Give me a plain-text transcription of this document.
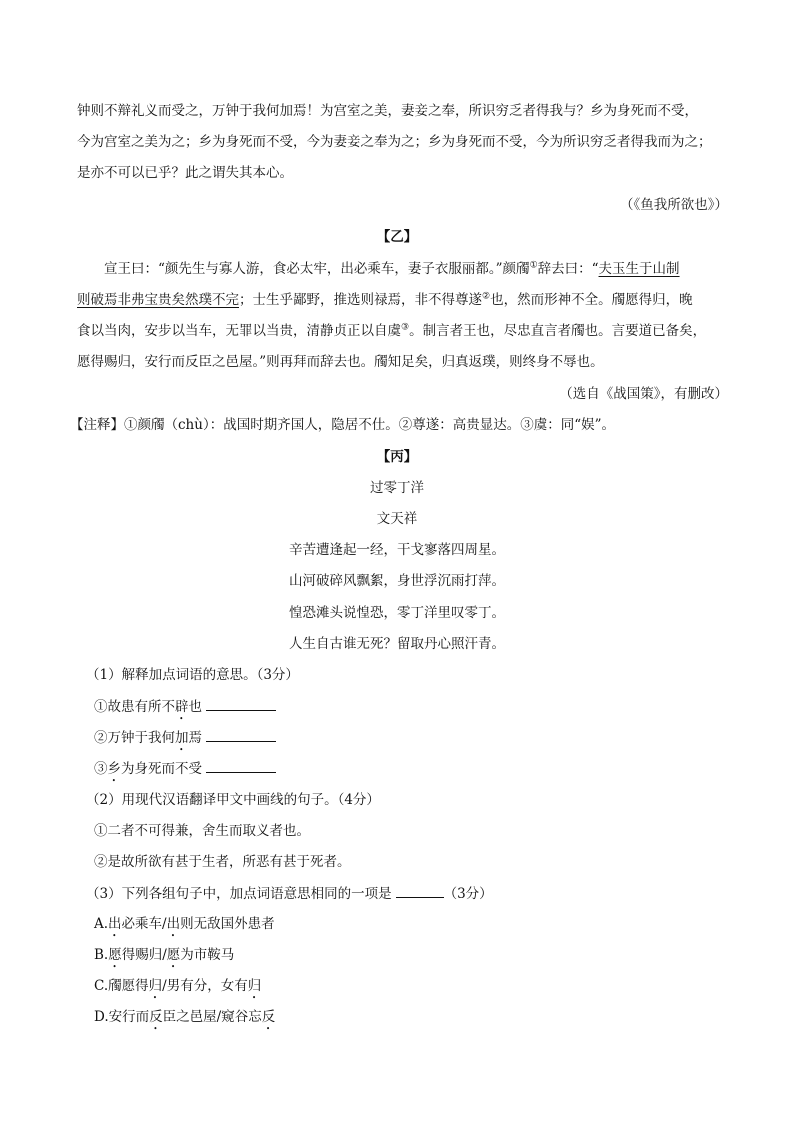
钟则不辩礼义而受之，万钟于我何加焉！为宫室之美，妻妾之奉，所识穷乏者得我与？乡为身死而不受，
今为宫室之美为之；乡为身死而不受，今为妻妾之奉为之；乡为身死而不受，今为所识穷乏者得我而为之；
是亦不可以已乎？此之谓失其本心。
（《鱼我所欲也》）
【乙】
宣王曰：“颜先生与寡人游，食必太牢，出必乘车，妻子衣服丽都。”颜斶①辞去曰：“夫玉生于山制
则破焉非弗宝贵矣然璞不完；士生乎鄙野，推选则禄焉，非不得尊遂②也，然而形神不全。斶愿得归，晚
食以当肉，安步以当车，无罪以当贵，清静贞正以自虞③。制言者王也，尽忠直言者斶也。言要道已备矣，
愿得赐归，安行而反臣之邑屋。”则再拜而辞去也。斶知足矣，归真返璞，则终身不辱也。
（选自《战国策》，有删改）
【注释】①颜斶（chù）：战国时期齐国人，隐居不仕。②尊遂：高贵显达。③虞：同“娱”。
【丙】
过零丁洋
文天祥
辛苦遭逢起一经，干戈寥落四周星。
山河破碎风飘絮，身世浮沉雨打萍。
惶恐滩头说惶恐，零丁洋里叹零丁。
人生自古谁无死？留取丹心照汗青。
（1）解释加点词语的意思。（3分）
①故患有所不辟也
②万钟于我何加焉
③乡为身死而不受
（2）用现代汉语翻译甲文中画线的句子。（4分）
①二者不可得兼，舍生而取义者也。
②是故所欲有甚于生者，所恶有甚于死者。
（3）下列各组句子中，加点词语意思相同的一项是	（3分）
A.出必乘车/出则无敌国外患者
B.愿得赐归/愿为市鞍马
C.斶愿得归/男有分，女有归
D.安行而反臣之邑屋/窥谷忘反
